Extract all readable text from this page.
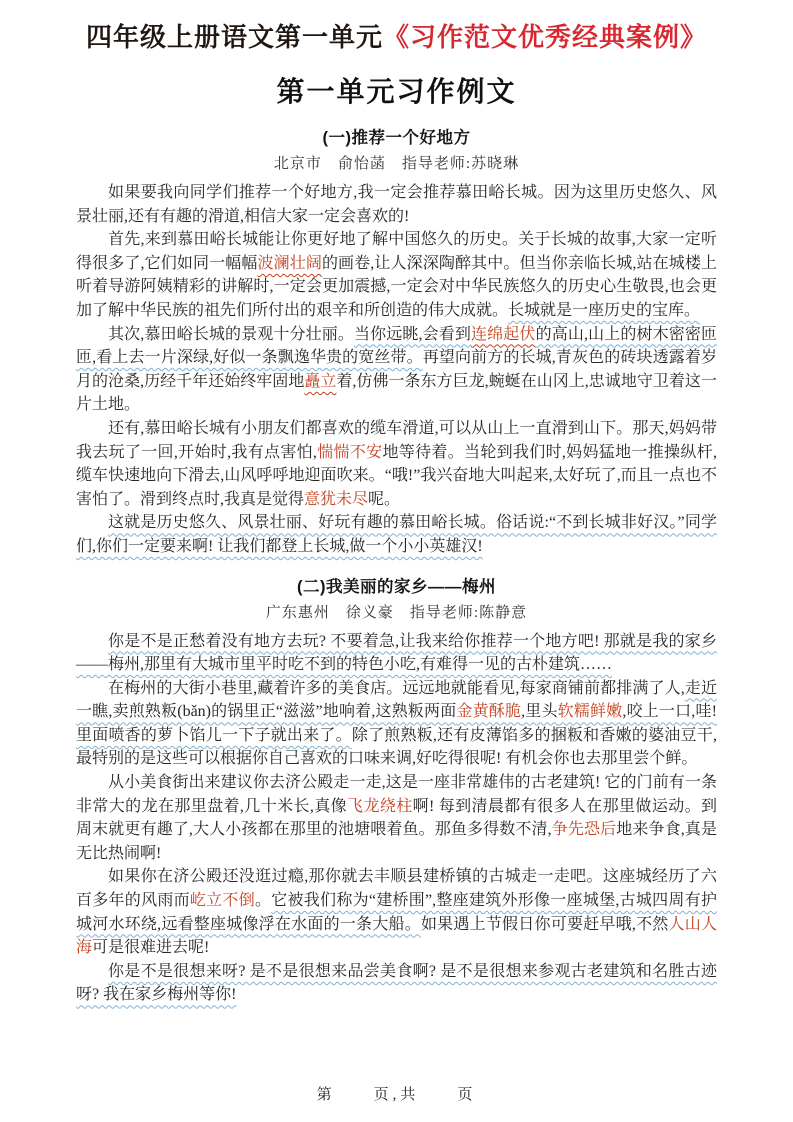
四年级上册语文第一单元《习作范文优秀经典案例》
第一单元习作例文
(一)推荐一个好地方
北京市　俞怡菡　指导老师:苏晓琳

如果要我向同学们推荐一个好地方,我一定会推荐慕田峪长城。因为这里历史悠久、风景壮丽,还有有趣的滑道,相信大家一定会喜欢的!

首先,来到慕田峪长城能让你更好地了解中国悠久的历史。关于长城的故事,大家一定听得很多了,它们如同一幅幅波澜壮阔的画卷,让人深深陶醉其中。但当你亲临长城,站在城楼上听着导游阿姨精彩的讲解时,一定会更加震撼,一定会对中华民族悠久的历史心生敬畏,也会更加了解中华民族的祖先们所付出的艰辛和所创造的伟大成就。长城就是一座历史的宝库。

其次,慕田峪长城的景观十分壮丽。当你远眺,会看到连绵起伏的高山,山上的树木密密匝匝,看上去一片深绿,好似一条飘逸华贵的宽丝带。再望向前方的长城,青灰色的砖块透露着岁月的沧桑,历经千年还始终牢固地矗立着,仿佛一条东方巨龙,蜿蜒在山冈上,忠诚地守卫着这一片土地。

还有,慕田峪长城有小朋友们都喜欢的缆车滑道,可以从山上一直滑到山下。那天,妈妈带我去玩了一回,开始时,我有点害怕,惴惴不安地等待着。当轮到我们时,妈妈猛地一推操纵杆,缆车快速地向下滑去,山风呼呼地迎面吹来。“哦!”我兴奋地大叫起来,太好玩了,而且一点也不害怕了。滑到终点时,我真是觉得意犹未尽呢。

这就是历史悠久、风景壮丽、好玩有趣的慕田峪长城。俗话说:“不到长城非好汉。”同学们,你们一定要来啊! 让我们都登上长城,做一个小小英雄汉!

(二)我美丽的家乡——梅州
广东惠州　徐义豪　指导老师:陈静意

你是不是正愁着没有地方去玩? 不要着急,让我来给你推荐一个地方吧! 那就是我的家乡——梅州,那里有大城市里平时吃不到的特色小吃,有难得一见的古朴建筑……

在梅州的大街小巷里,藏着许多的美食店。远远地就能看见,每家商铺前都排满了人,走近一瞧,卖煎熟粄(bǎn)的锅里正“滋滋”地响着,这熟粄两面金黄酥脆,里头软糯鲜嫩,咬上一口,哇! 里面喷香的萝卜馅儿一下子就出来了。除了煎熟粄,还有皮薄馅多的捆粄和香嫩的婆油豆干,最特别的是这些可以根据你自己喜欢的口味来调,好吃得很呢! 有机会你也去那里尝个鲜。

从小美食街出来建议你去济公殿走一走,这是一座非常雄伟的古老建筑! 它的门前有一条非常大的龙在那里盘着,几十米长,真像飞龙绕柱啊! 每到清晨都有很多人在那里做运动。到周末就更有趣了,大人小孩都在那里的池塘喂着鱼。那鱼多得数不清,争先恐后地来争食,真是无比热闹啊!

如果你在济公殿还没逛过瘾,那你就去丰顺县建桥镇的古城走一走吧。这座城经历了六百多年的风雨而屹立不倒。它被我们称为“建桥围”,整座建筑外形像一座城堡,古城四周有护城河水环绕,远看整座城像浮在水面的一条大船。如果遇上节假日你可要赶早哦,不然人山人海可是很难进去呢!

你是不是很想来呀? 是不是很想来品尝美食啊? 是不是很想来参观古老建筑和名胜古迹呀? 我在家乡梅州等你!

第　　页,共　　页
